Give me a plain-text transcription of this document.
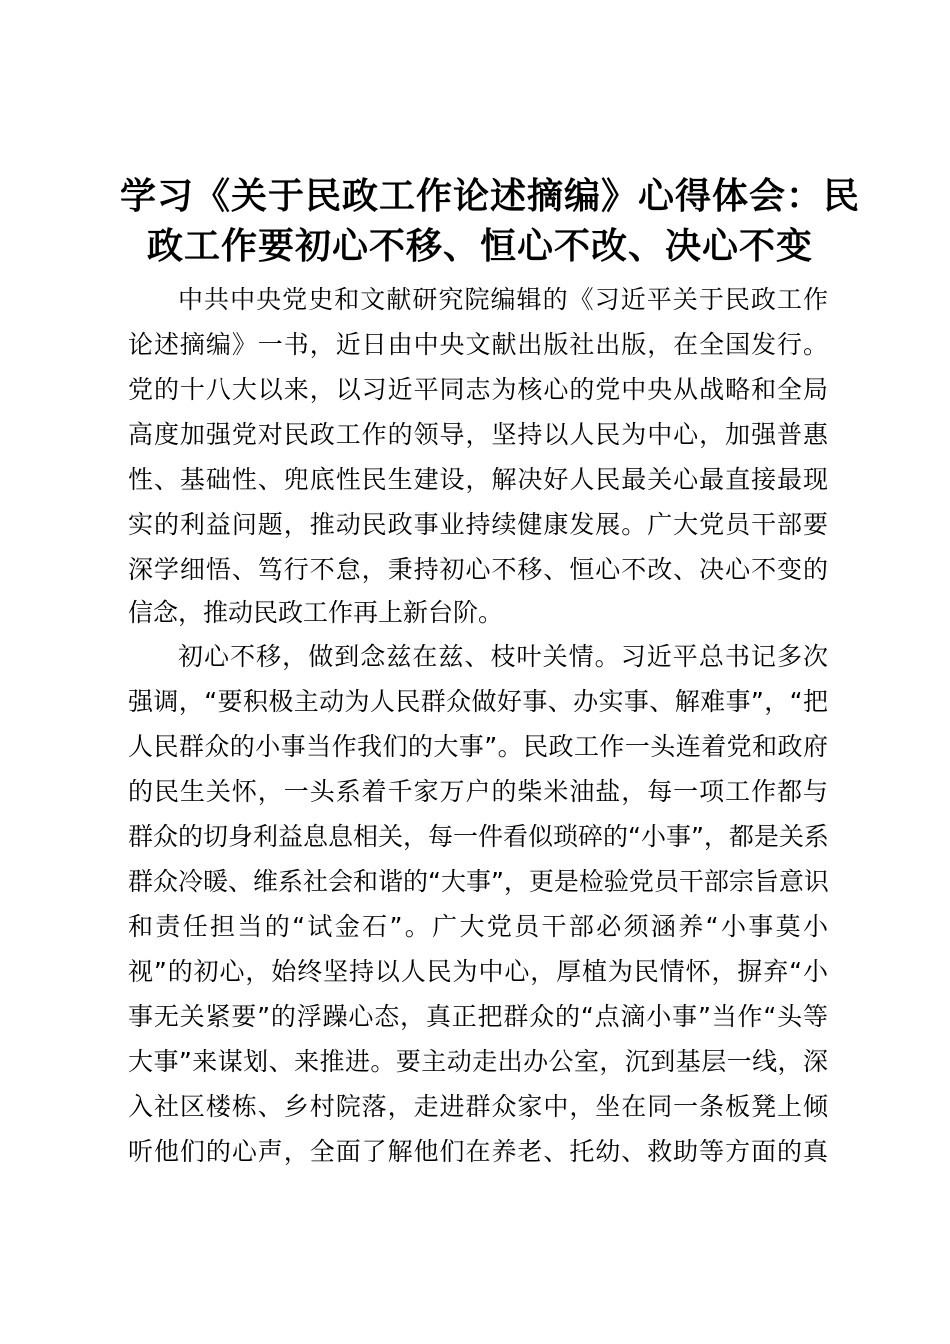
学习《关于民政工作论述摘编》心得体会：民
政工作要初心不移、恒心不改、决心不变
中共中央党史和文献研究院编辑的《习近平关于民政工作
论述摘编》一书，近日由中央文献出版社出版，在全国发行。
党的十八大以来，以习近平同志为核心的党中央从战略和全局
高度加强党对民政工作的领导，坚持以人民为中心，加强普惠
性、基础性、兜底性民生建设，解决好人民最关心最直接最现
实的利益问题，推动民政事业持续健康发展。广大党员干部要
深学细悟、笃行不怠，秉持初心不移、恒心不改、决心不变的
信念，推动民政工作再上新台阶。
初心不移，做到念兹在兹、枝叶关情。习近平总书记多次
强调，“要积极主动为人民群众做好事、办实事、解难事”，“把
人民群众的小事当作我们的大事”。民政工作一头连着党和政府
的民生关怀，一头系着千家万户的柴米油盐，每一项工作都与
群众的切身利益息息相关，每一件看似琐碎的“小事”，都是关系
群众冷暖、维系社会和谐的“大事”，更是检验党员干部宗旨意识
和责任担当的“试金石”。广大党员干部必须涵养“小事莫小
视”的初心，始终坚持以人民为中心，厚植为民情怀，摒弃“小
事无关紧要”的浮躁心态，真正把群众的“点滴小事”当作“头等
大事”来谋划、来推进。要主动走出办公室，沉到基层一线，深
入社区楼栋、乡村院落，走进群众家中，坐在同一条板凳上倾
听他们的心声，全面了解他们在养老、托幼、救助等方面的真
